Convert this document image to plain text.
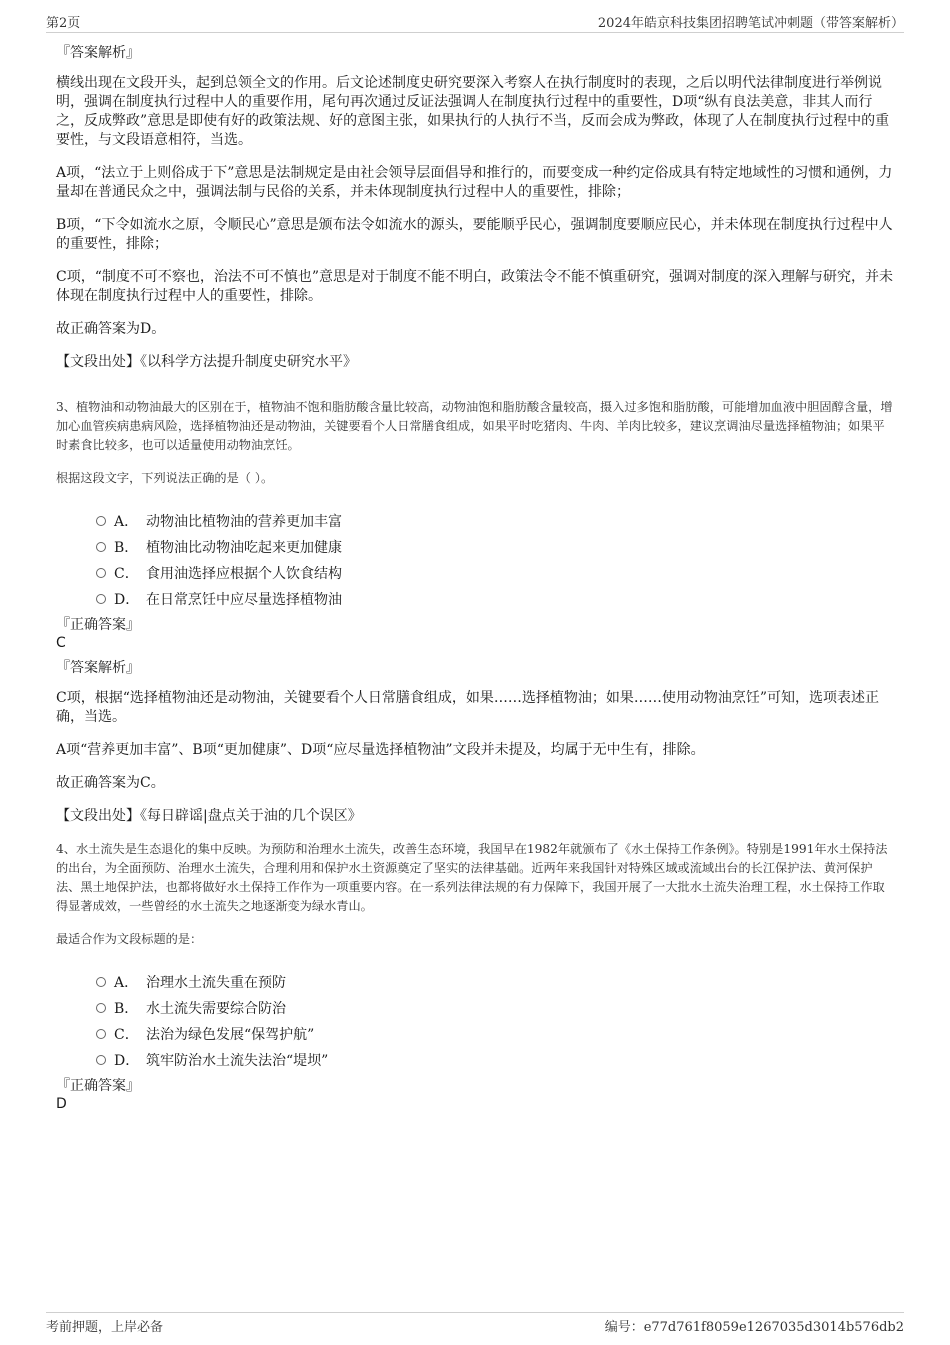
第2页	2024年皓京科技集团招聘笔试冲刺题（带答案解析）
『答案解析』

横线出现在文段开头，起到总领全文的作用。后文论述制度史研究要深入考察人在执行制度时的表现，之后以明代法律制度进行举例说明，强调在制度执行过程中人的重要作用，尾句再次通过反证法强调人在制度执行过程中的重要性，D项“纵有良法美意，非其人而行之，反成弊政”意思是即使有好的政策法规、好的意图主张，如果执行的人执行不当，反而会成为弊政，体现了人在制度执行过程中的重要性，与文段语意相符，当选。

A项，“法立于上则俗成于下”意思是法制规定是由社会领导层面倡导和推行的，而要变成一种约定俗成具有特定地域性的习惯和通例，力量却在普通民众之中，强调法制与民俗的关系，并未体现制度执行过程中人的重要性，排除；

B项，“下令如流水之原，令顺民心”意思是颁布法令如流水的源头，要能顺乎民心，强调制度要顺应民心，并未体现在制度执行过程中人的重要性，排除；

C项，“制度不可不察也，治法不可不慎也”意思是对于制度不能不明白，政策法令不能不慎重研究，强调对制度的深入理解与研究，并未体现在制度执行过程中人的重要性，排除。

故正确答案为D。

【文段出处】《以科学方法提升制度史研究水平》

3、植物油和动物油最大的区别在于，植物油不饱和脂肪酸含量比较高，动物油饱和脂肪酸含量较高，摄入过多饱和脂肪酸，可能增加血液中胆固醇含量，增加心血管疾病患病风险，选择植物油还是动物油，关键要看个人日常膳食组成，如果平时吃猪肉、牛肉、羊肉比较多，建议烹调油尽量选择植物油；如果平时素食比较多，也可以适量使用动物油烹饪。

根据这段文字，下列说法正确的是（ ）。

A． 动物油比植物油的营养更加丰富
B． 植物油比动物油吃起来更加健康
C． 食用油选择应根据个人饮食结构
D． 在日常烹饪中应尽量选择植物油
『正确答案』
C
『答案解析』

C项，根据“选择植物油还是动物油，关键要看个人日常膳食组成，如果……选择植物油；如果……使用动物油烹饪”可知，选项表述正确，当选。

A项“营养更加丰富”、B项“更加健康”、D项“应尽量选择植物油”文段并未提及，均属于无中生有，排除。

故正确答案为C。

【文段出处】《每日辟谣|盘点关于油的几个误区》

4、水土流失是生态退化的集中反映。为预防和治理水土流失，改善生态环境，我国早在1982年就颁布了《水土保持工作条例》。特别是1991年水土保持法的出台，为全面预防、治理水土流失，合理利用和保护水土资源奠定了坚实的法律基础。近两年来我国针对特殊区域或流域出台的长江保护法、黄河保护法、黑土地保护法，也都将做好水土保持工作作为一项重要内容。在一系列法律法规的有力保障下，我国开展了一大批水土流失治理工程，水土保持工作取得显著成效，一些曾经的水土流失之地逐渐变为绿水青山。

最适合作为文段标题的是：

A． 治理水土流失重在预防
B． 水土流失需要综合防治
C． 法治为绿色发展“保驾护航”
D． 筑牢防治水土流失法治“堤坝”
『正确答案』
D
考前押题，上岸必备	编号：e77d761f8059e1267035d3014b576db2
